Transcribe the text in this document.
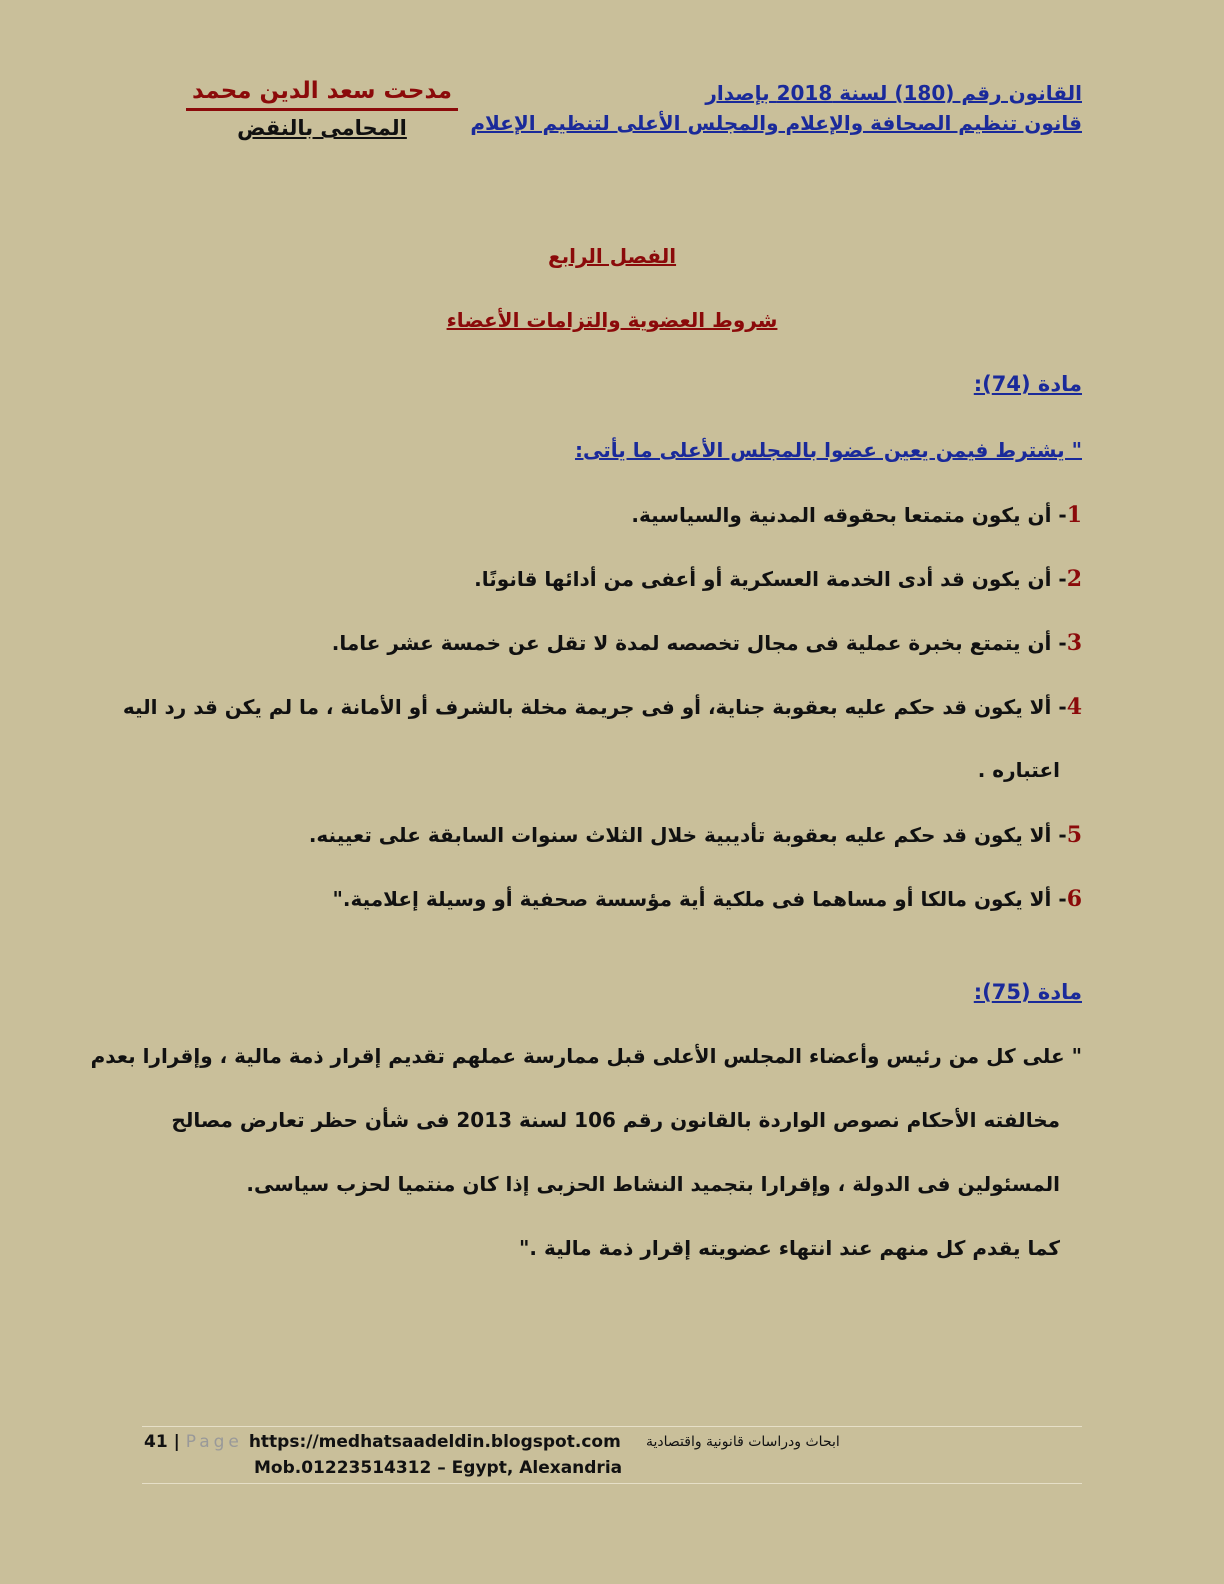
القانون رقم (180) لسنة 2018 بإصدار
قانون تنظيم الصحافة والإعلام والمجلس الأعلى لتنظيم الإعلام
مدحت سعد الدين محمد
المحامى بالنقض
الفصل الرابع
شروط العضوية والتزامات الأعضاء
مادة (74):
" يشترط فيمن يعين عضوا بالمجلس الأعلى ما يأتى:
1- أن يكون متمتعا بحقوقه المدنية والسياسية.
2- أن يكون قد أدى الخدمة العسكرية أو أعفى من أدائها قانونًا.
3- أن يتمتع بخبرة عملية فى مجال تخصصه لمدة لا تقل عن خمسة عشر عاما.
4- ألا يكون قد حكم عليه بعقوبة جناية، أو فى جريمة مخلة بالشرف أو الأمانة ، ما لم يكن قد رد اليه
اعتباره .
5- ألا يكون قد حكم عليه بعقوبة تأديبية خلال الثلاث سنوات السابقة على تعيينه.
6- ألا يكون مالكا أو مساهما فى ملكية أية مؤسسة صحفية أو وسيلة إعلامية."
مادة (75):
" على كل من رئيس وأعضاء المجلس الأعلى قبل ممارسة عملهم تقديم إقرار ذمة مالية ، وإقرارا بعدم
مخالفته الأحكام نصوص الواردة بالقانون رقم 106 لسنة 2013 فى شأن حظر تعارض مصالح
المسئولين فى الدولة ، وإقرارا بتجميد النشاط الحزبى إذا كان منتميا لحزب سياسى.
كما يقدم كل منهم عند انتهاء عضويته إقرار ذمة مالية ."
41 | Page https://medhatsaadeldin.blogspot.com ابحاث ودراسات قانونية واقتصادية
Mob.01223514312 – Egypt, Alexandria
